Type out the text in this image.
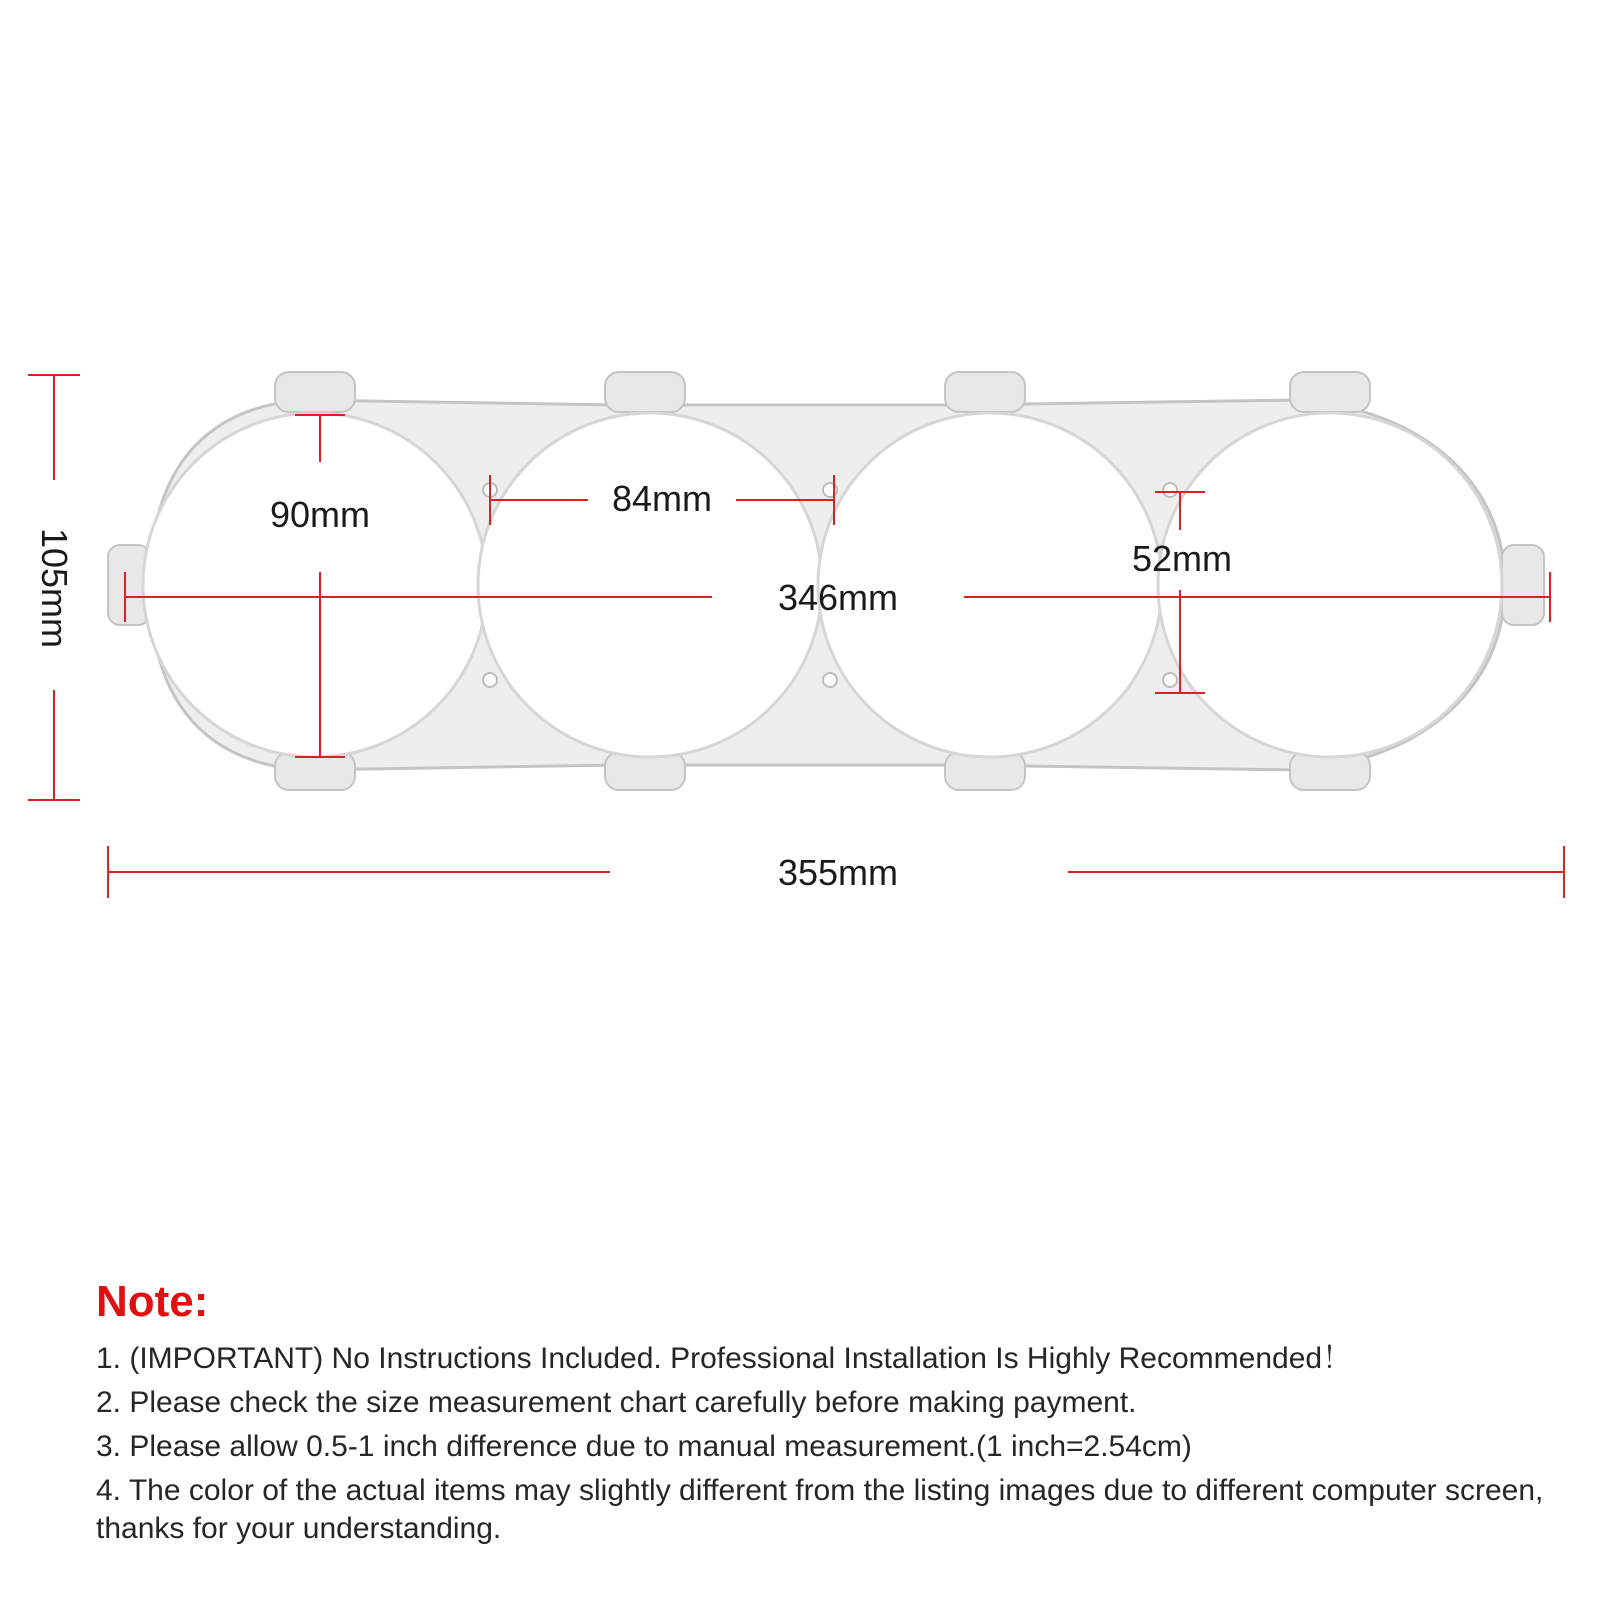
90mm	84mm
346mm
52mm
355mm
105mm
Note:
1. (IMPORTANT) No Instructions Included. Professional Installation Is Highly Recommended！
2. Please check the size measurement chart carefully before making payment.
3. Please allow 0.5-1 inch difference due to manual measurement.(1 inch=2.54cm)
4. The color of the actual items may slightly different from the listing images due to different computer screen, thanks for your understanding.
